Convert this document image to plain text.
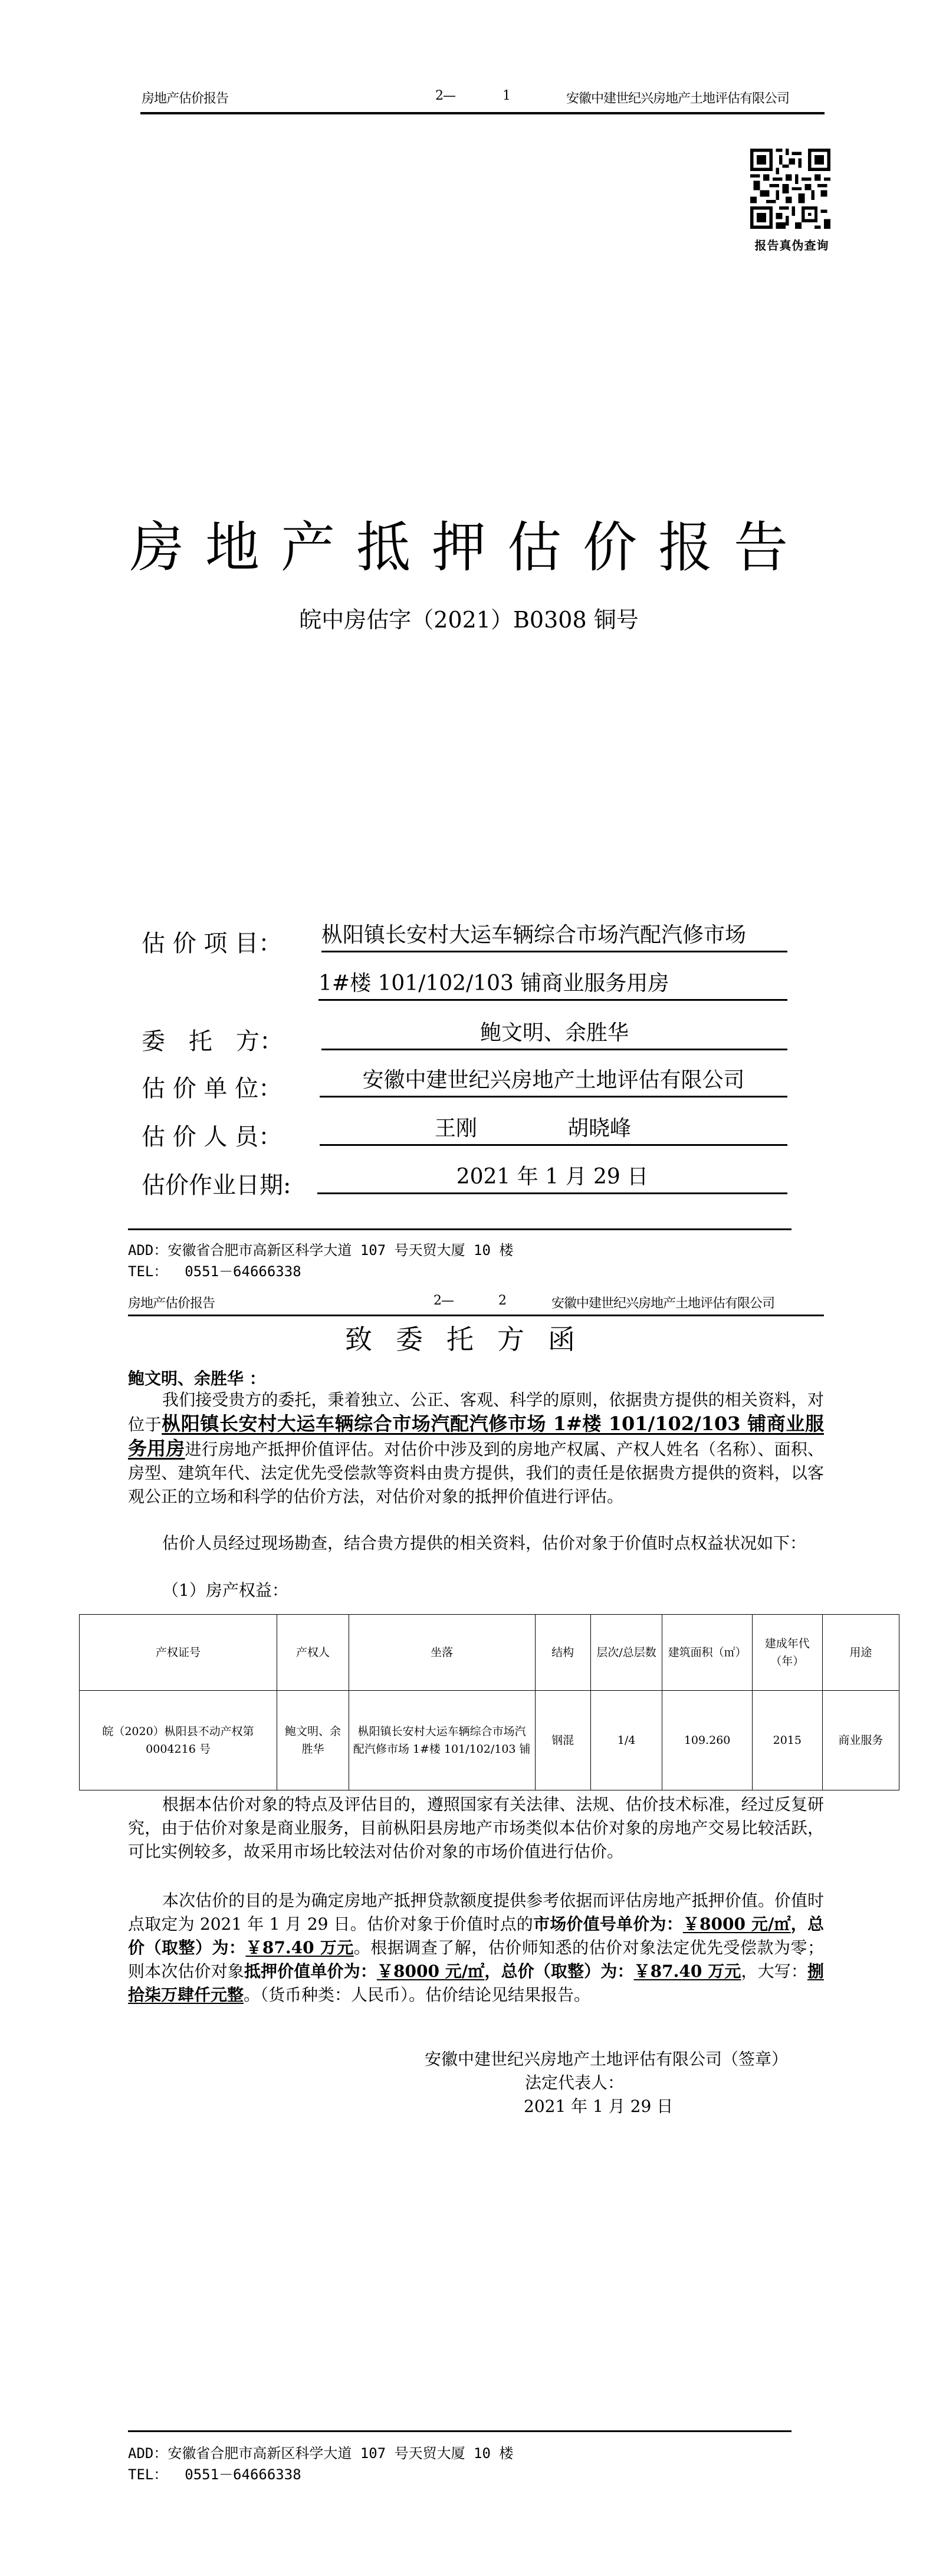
房地产估价报告	2—	1	安徽中建世纪兴房地产土地评估有限公司
报告真伪查询
房地产抵押估价报告
皖中房估字（2021）B0308 铜号
估 价 项 目： 枞阳镇长安村大运车辆综合市场汽配汽修市场
1#楼 101/102/103 铺商业服务用房
委　托　方：	鲍文明、余胜华
估 价 单 位：	安徽中建世纪兴房地产土地评估有限公司
估 价 人 员：	王刚	胡晓峰
估价作业日期:	2021 年 1 月 29 日
ADD：安徽省合肥市高新区科学大道 107 号天贸大厦 10 楼
TEL： 0551－64666338
房地产估价报告	2—	2	安徽中建世纪兴房地产土地评估有限公司
致委托方函
鲍文明、余胜华 ：
我们接受贵方的委托，秉着独立、公正、客观、科学的原则，依据贵方提供的相关资料，对位于枞阳镇长安村大运车辆综合市场汽配汽修市场 1#楼 101/102/103 铺商业服务用房进行房地产抵押价值评估。对估价中涉及到的房地产权属、产权人姓名（名称）、面积、房型、建筑年代、法定优先受偿款等资料由贵方提供，我们的责任是依据贵方提供的资料，以客观公正的立场和科学的估价方法，对估价对象的抵押价值进行评估。
估价人员经过现场勘查，结合贵方提供的相关资料，估价对象于价值时点权益状况如下：
（1）房产权益：
产权证号	产权人	坐落	结构	层次/总层数	建筑面积（㎡）	建成年代（年）	用途
皖（2020）枞阳县不动产权第 0004216 号	鲍文明、余胜华	枞阳镇长安村大运车辆综合市场汽配汽修市场 1#楼 101/102/103 铺	钢混	1/4	109.260	2015	商业服务
根据本估价对象的特点及评估目的，遵照国家有关法律、法规、估价技术标准，经过反复研究，由于估价对象是商业服务，目前枞阳县房地产市场类似本估价对象的房地产交易比较活跃，可比实例较多，故采用市场比较法对估价对象的市场价值进行估价。
本次估价的目的是为确定房地产抵押贷款额度提供参考依据而评估房地产抵押价值。价值时点取定为 2021 年 1 月 29 日。估价对象于价值时点的市场价值号单价为：￥8000 元/㎡，总价（取整）为：￥87.40 万元。根据调查了解，估价师知悉的估价对象法定优先受偿款为零；则本次估价对象抵押价值单价为：￥8000 元/㎡，总价（取整）为：￥87.40 万元，大写：捌拾柒万肆仟元整。（货币种类：人民币）。估价结论见结果报告。
安徽中建世纪兴房地产土地评估有限公司（签章）
法定代表人：
2021 年 1 月 29 日
ADD：安徽省合肥市高新区科学大道 107 号天贸大厦 10 楼
TEL： 0551－64666338
